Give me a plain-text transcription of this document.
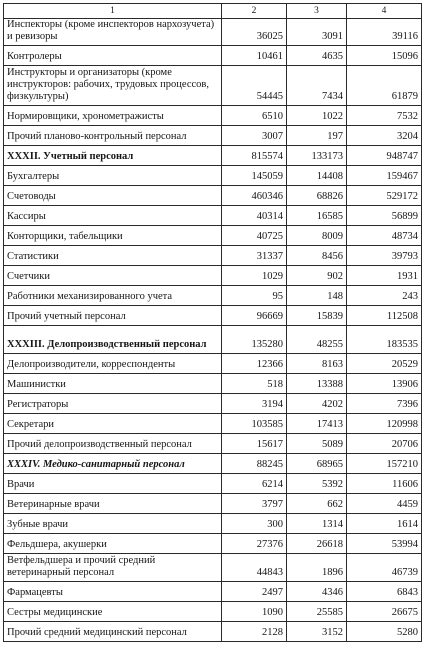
1	2	3	4
Инспекторы (кроме инспекторов нархозучета) и ревизоры	36025	3091	39116
Контролеры	10461	4635	15096
Инструкторы и организаторы (кроме инструкторов: рабочих, трудовых процессов, физкультуры)	54445	7434	61879
Нормировщики, хронометражисты	6510	1022	7532
Прочий планово-контрольный персонал	3007	197	3204
XXXII. Учетный персонал	815574	133173	948747
Бухгалтеры	145059	14408	159467
Счетоводы	460346	68826	529172
Кассиры	40314	16585	56899
Конторщики, табельщики	40725	8009	48734
Статистики	31337	8456	39793
Счетчики	1029	902	1931
Работники механизированного учета	95	148	243
Прочий учетный персонал	96669	15839	112508
XXXIII. Делопроизводственный персонал	135280	48255	183535
Делопроизводители, корреспонденты	12366	8163	20529
Машинистки	518	13388	13906
Регистраторы	3194	4202	7396
Секретари	103585	17413	120998
Прочий делопроизводственный персонал	15617	5089	20706
XXXIV. Медико-санитарный персонал	88245	68965	157210
Врачи	6214	5392	11606
Ветеринарные врачи	3797	662	4459
Зубные врачи	300	1314	1614
Фельдшера, акушерки	27376	26618	53994
Ветфельдшера и прочий средний ветеринарный персонал	44843	1896	46739
Фармацевты	2497	4346	6843
Сестры медицинские	1090	25585	26675
Прочий средний медицинский персонал	2128	3152	5280
